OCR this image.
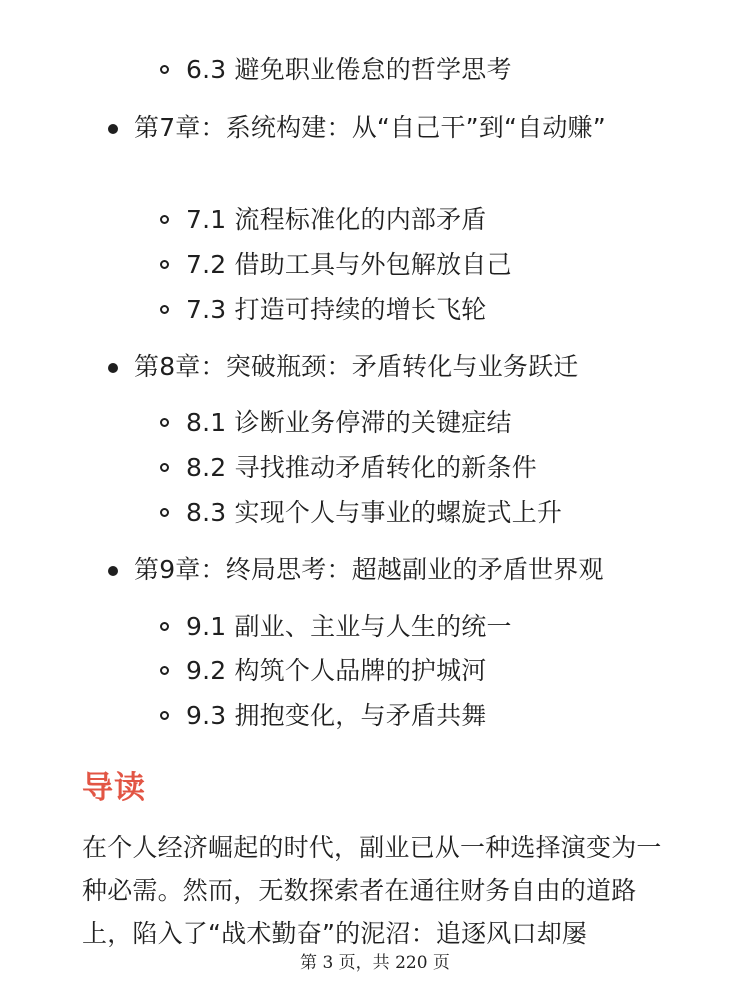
6.3 避免职业倦怠的哲学思考
第7章：系统构建：从“自己干”到“自动赚”
7.1 流程标准化的内部矛盾
7.2 借助工具与外包解放自己
7.3 打造可持续的增长飞轮
第8章：突破瓶颈：矛盾转化与业务跃迁
8.1 诊断业务停滞的关键症结
8.2 寻找推动矛盾转化的新条件
8.3 实现个人与事业的螺旋式上升
第9章：终局思考：超越副业的矛盾世界观
9.1 副业、主业与人生的统一
9.2 构筑个人品牌的护城河
9.3 拥抱变化，与矛盾共舞
导读
在个人经济崛起的时代，副业已从一种选择演变为一种必需。然而，无数探索者在通往财务自由的道路上，陷入了“战术勤奋”的泥沼：追逐风口却屡
第 3 页，共 220 页
